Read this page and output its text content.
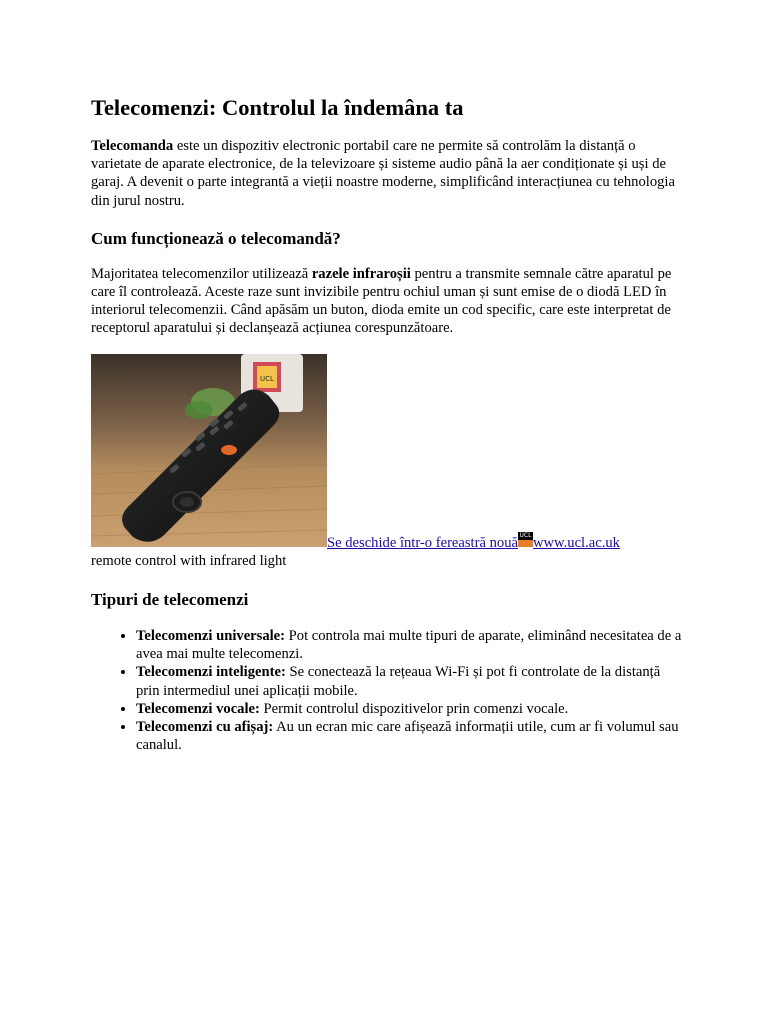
Telecomenzi: Controlul la îndemâna ta

Telecomanda este un dispozitiv electronic portabil care ne permite să controlăm la distanță o varietate de aparate electronice, de la televizoare și sisteme audio până la aer condiționate și uși de garaj. A devenit o parte integrantă a vieții noastre moderne, simplificând interacțiunea cu tehnologia din jurul nostru.

Cum funcționează o telecomandă?

Majoritatea telecomenzilor utilizează razele infraroșii pentru a transmite semnale către aparatul pe care îl controlează. Aceste raze sunt invizibile pentru ochiul uman și sunt emise de o diodă LED în interiorul telecomenzii. Când apăsăm un buton, dioda emite un cod specific, care este interpretat de receptorul aparatului și declanșează acțiunea corespunzătoare.

UCL
Se deschide într-o fereastră nouă UCL www.ucl.ac.uk
remote control with infrared light
Tipuri de telecomenzi
• Telecomenzi universale: Pot controla mai multe tipuri de aparate, eliminând necesitatea de a avea mai multe telecomenzi.
• Telecomenzi inteligente: Se conectează la rețeaua Wi-Fi și pot fi controlate de la distanță prin intermediul unei aplicații mobile.
• Telecomenzi vocale: Permit controlul dispozitivelor prin comenzi vocale.
• Telecomenzi cu afișaj: Au un ecran mic care afișează informații utile, cum ar fi volumul sau canalul.
